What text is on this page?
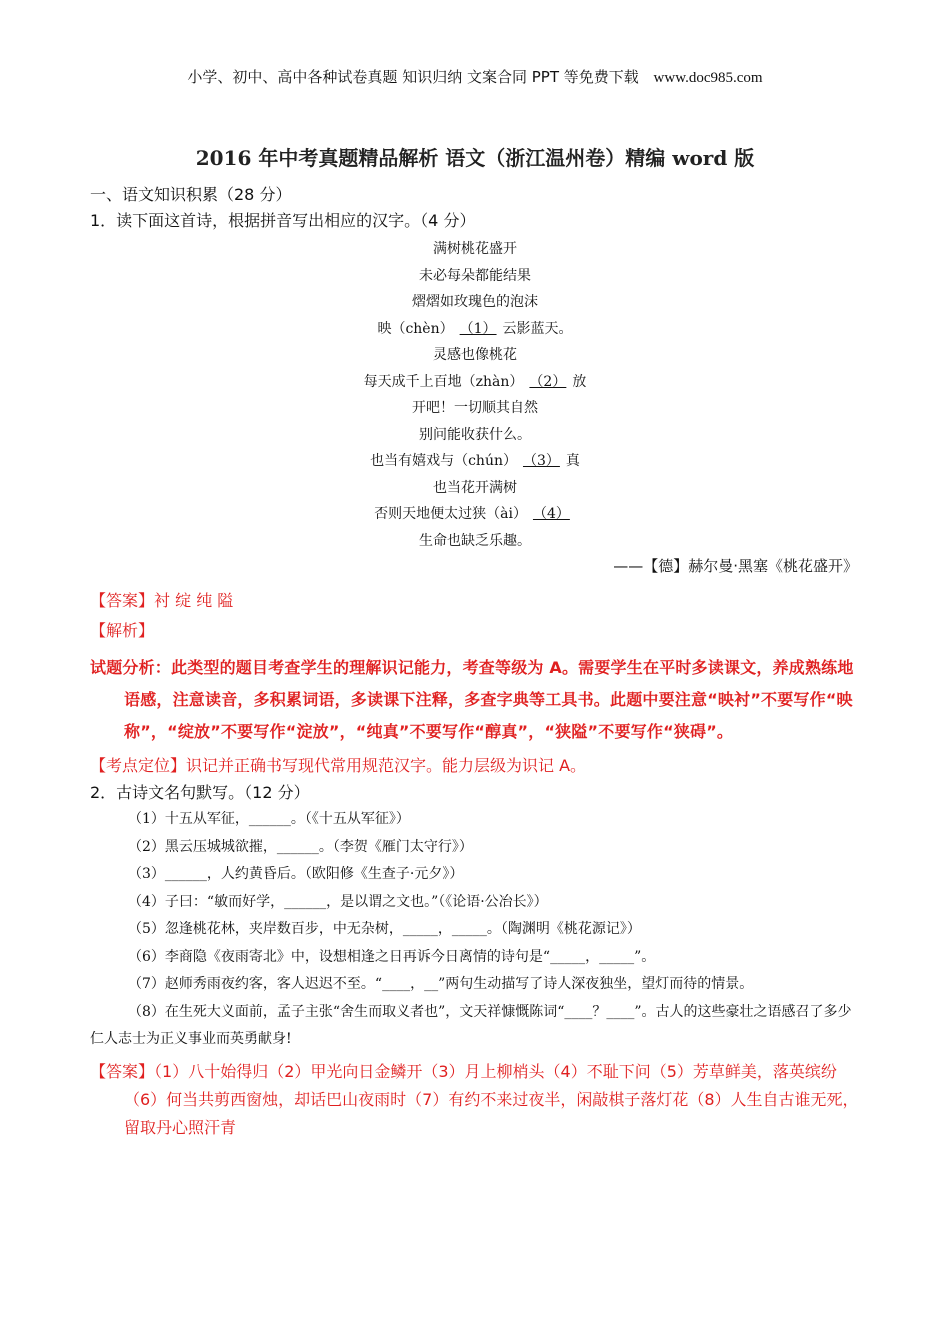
小学、初中、高中各种试卷真题 知识归纳 文案合同 PPT 等免费下载 www.doc985.com
2016 年中考真题精品解析 语文（浙江温州卷）精编 word 版
一、语文知识积累（28 分）
1．读下面这首诗，根据拼音写出相应的汉字。（4 分）
满树桃花盛开
未必每朵都能结果
熠熠如玫瑰色的泡沫
映（chèn） （1） 云影蓝天。
灵感也像桃花
每天成千上百地（zhàn） （2） 放
开吧！一切顺其自然
别问能收获什么。
也当有嬉戏与（chún） （3） 真
也当花开满树
否则天地便太过狭（ài） （4）
生命也缺乏乐趣。
——【德】赫尔曼·黑塞《桃花盛开》
【答案】衬 绽 纯 隘
【解析】
试题分析：此类型的题目考查学生的理解识记能力，考查等级为 A。需要学生在平时多读课文，养成熟练地语感，注意读音，多积累词语，多读课下注释，多查字典等工具书。此题中要注意“映衬”不要写作“映称”，“绽放”不要写作“淀放”，“纯真”不要写作“醇真”，“狭隘”不要写作“狭碍”。
【考点定位】识记并正确书写现代常用规范汉字。能力层级为识记 A。
2．古诗文名句默写。（12 分）
（1）十五从军征，______。（《十五从军征》）
（2）黑云压城城欲摧，______。（李贺《雁门太守行》）
（3）______，人约黄昏后。（欧阳修《生查子·元夕》）
（4）子曰：“敏而好学，______，是以谓之文也。”（《论语·公冶长》）
（5）忽逢桃花林，夹岸数百步，中无杂树，_____，_____。（陶渊明《桃花源记》）
（6）李商隐《夜雨寄北》中，设想相逢之日再诉今日离情的诗句是“_____，_____”。
（7）赵师秀雨夜约客，客人迟迟不至。“____，__”两句生动描写了诗人深夜独坐，望灯而待的情景。
（8）在生死大义面前，孟子主张“舍生而取义者也”，文天祥慷慨陈词“____？____”。古人的这些豪壮之语感召了多少仁人志士为正义事业而英勇献身!
【答案】（1）八十始得归（2）甲光向日金鳞开（3）月上柳梢头（4）不耻下问（5）芳草鲜美，落英缤纷（6）何当共剪西窗烛，却话巴山夜雨时（7）有约不来过夜半，闲敲棋子落灯花（8）人生自古谁无死，留取丹心照汗青
